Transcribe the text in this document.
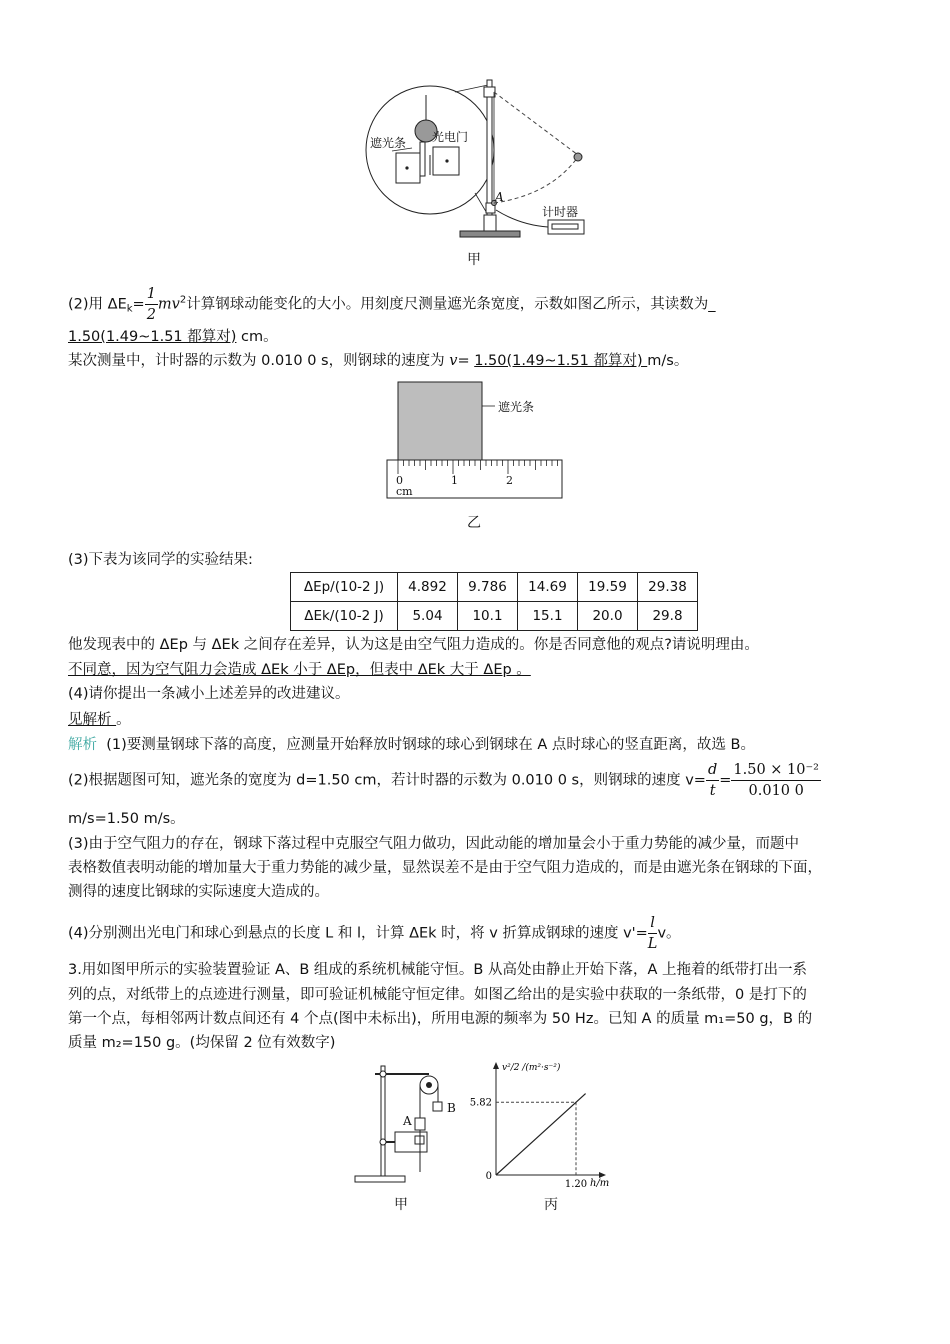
遮光条 光电门
A
计时器
甲
(2)用 $\Delta E_k= \frac{1}{2} mv^2$计算钢球动能变化的大小。用刻度尺测量遮光条宽度，示数如图乙所示，其读数为_
1.50(1.49~1.51 都算对) cm。
某次测量中，计时器的示数为 0.010 0 s，则钢球的速度为 v= 1.50(1.49~1.51 都算对) m/s。
遮光条
0	1	2
cm
乙
(3)下表为该同学的实验结果:
ΔEp/(10-2 J)	4.892	9.786	14.69	19.59	29.38
ΔEk/(10-2 J)	5.04	10.1	15.1	20.0	29.8
他发现表中的 ΔEp 与 ΔEk 之间存在差异，认为这是由空气阻力造成的。你是否同意他的观点?请说明理由。
不同意，因为空气阻力会造成 ΔEk 小于 ΔEp，但表中 ΔEk 大于 ΔEp 。
(4)请你提出一条减小上述差异的改进建议。
见解析 。
解析 (1)要测量钢球下落的高度，应测量开始释放时钢球的球心到钢球在 A 点时球心的竖直距离，故选 B。
(2)根据题图可知，遮光条的宽度为 d=1.50 cm，若计时器的示数为 0.010 0 s，则钢球的速度 $v= \frac{d}{t} = \frac{\text{1.50 × 10⁻²}}{0.010 0}$
m/s=1.50 m/s。
(3)由于空气阻力的存在，钢球下落过程中克服空气阻力做功，因此动能的增加量会小于重力势能的减少量，而题中
表格数值表明动能的增加量大于重力势能的减少量，显然误差不是由于空气阻力造成的，而是由遮光条在钢球的下面，
测得的速度比钢球的实际速度大造成的。
(4)分别测出光电门和球心到悬点的长度 L 和 l，计算 ΔEk 时，将 v 折算成钢球的速度 $v'= \frac{l}{L}$ v。
3.用如图甲所示的实验装置验证 A、B 组成的系统机械能守恒。B 从高处由静止开始下落，A 上拖着的纸带打出一系
列的点，对纸带上的点迹进行测量，即可验证机械能守恒定律。如图乙给出的是实验中获取的一条纸带，0 是打下的
第一个点，每相邻两计数点间还有 4 个点(图中未标出)，所用电源的频率为 50 Hz。已知 A 的质量 m₁=50 g，B 的
质量 m₂=150 g。(均保留 2 位有效数字)
A
B
甲
5.82
1.20
0
v²/2 /(m²·s⁻²)
h/m
丙
